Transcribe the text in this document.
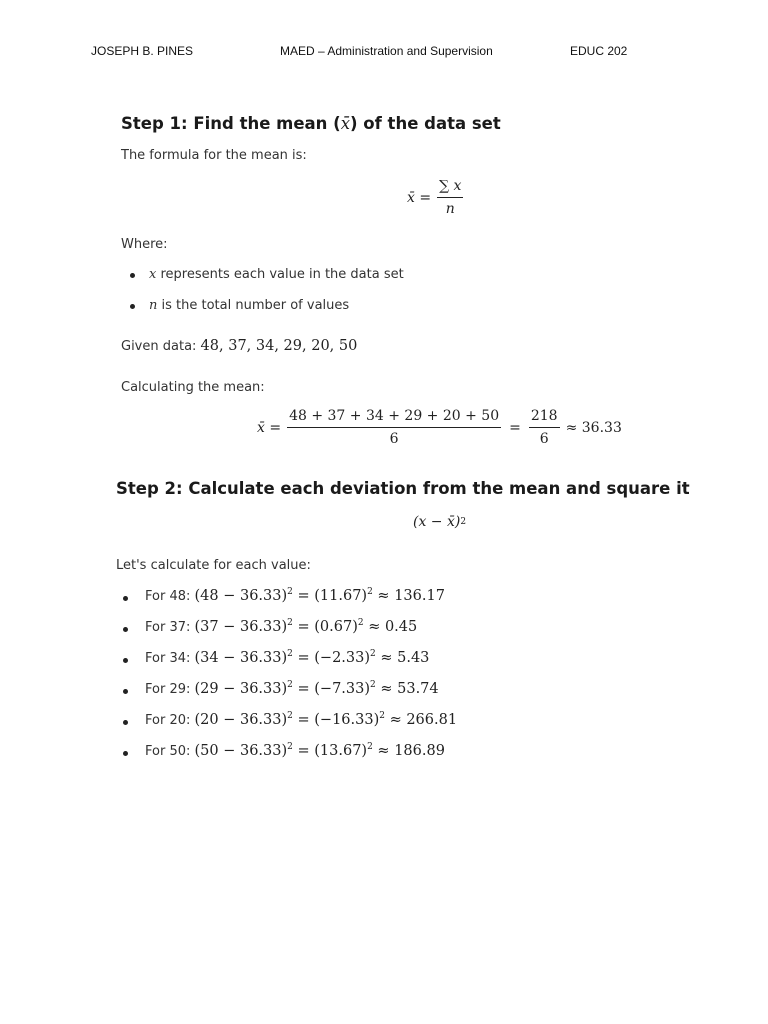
JOSEPH B. PINES	MAED – Administration and Supervision	EDUC 202
Step 1: Find the mean (x̄) of the data set
The formula for the mean is:
x̄ = $\frac{\sum x}{n}$
Where:
x represents each value in the data set
n is the total number of values
Given data: 48, 37, 34, 29, 20, 50
Calculating the mean:
x̄ = $\frac{48 + 37 + 34 + 29 + 20 + 50}{6} = \frac{218}{6} \approx 36.33$
Step 2: Calculate each deviation from the mean and square it
(x − x̄) 2
Let's calculate for each value:
For 48: $(48 - 36.33)^2 = (11.67)^2 \approx 136.17$
For 37: $(37 - 36.33)^2 = (0.67)^2 \approx 0.45$
For 34: $(34 - 36.33)^2 = (-2.33)^2 \approx 5.43$
For 29: $(29 - 36.33)^2 = (-7.33)^2 \approx 53.74$
For 20: $(20 - 36.33)^2 = (-16.33)^2 \approx 266.81$
For 50: $(50 - 36.33)^2 = (13.67)^2 \approx 186.89$
